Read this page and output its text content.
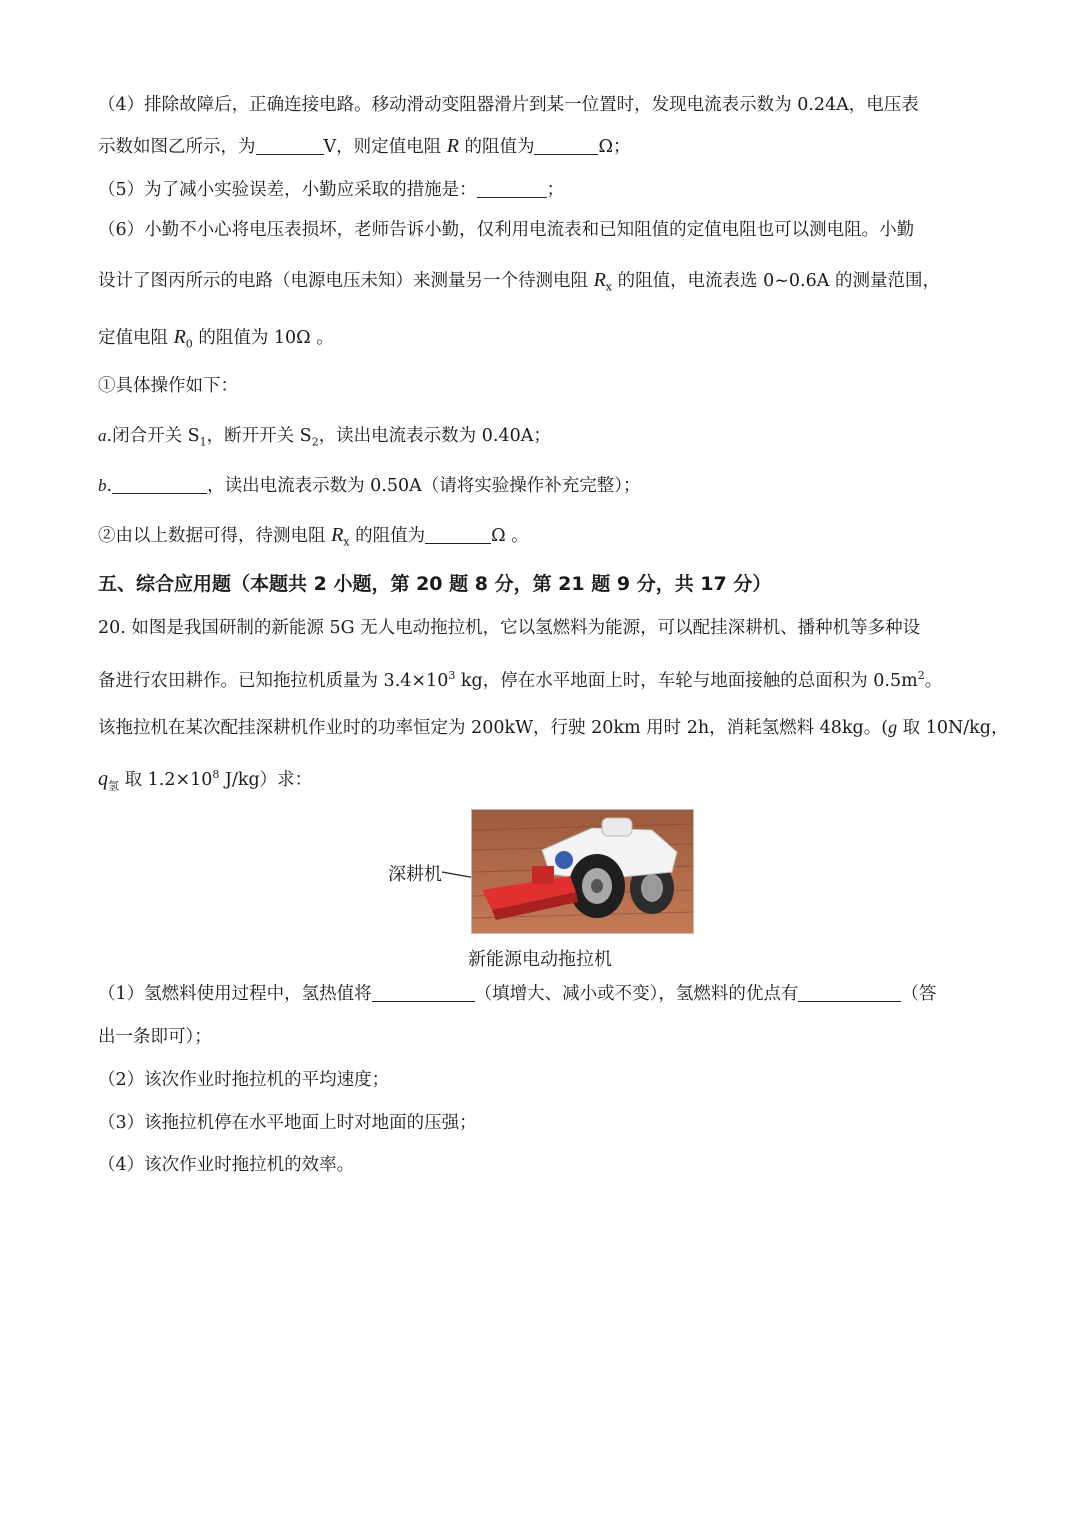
（4）排除故障后，正确连接电路。移动滑动变阻器滑片到某一位置时，发现电流表示数为 0.24A，电压表
示数如图乙所示，为	V，则定值电阻 R 的阻值为	Ω；
（5）为了减小实验误差，小勤应采取的措施是：	；
（6）小勤不小心将电压表损坏，老师告诉小勤，仅利用电流表和已知阻值的定值电阻也可以测电阻。小勤
设计了图丙所示的电路（电源电压未知）来测量另一个待测电阻 $R_x$ 的阻值，电流表选 0~0.6A 的测量范围，
定值电阻 $R_0$ 的阻值为 10Ω 。
①具体操作如下：
a.闭合开关 $S_1$，断开开关 $S_2$，读出电流表示数为 0.40A；
b.	，读出电流表示数为 0.50A（请将实验操作补充完整）；
②由以上数据可得，待测电阻 $R_x$ 的阻值为	Ω 。
五、综合应用题（本题共 2 小题，第 20 题 8 分，第 21 题 9 分，共 17 分）
20. 如图是我国研制的新能源 5G 无人电动拖拉机，它以氢燃料为能源，可以配挂深耕机、播种机等多种设
备进行农田耕作。已知拖拉机质量为 $3.4\times 10^3$ kg，停在水平地面上时，车轮与地面接触的总面积为 $0.5m^2$。
该拖拉机在某次配挂深耕机作业时的功率恒定为 200kW，行驶 20km 用时 2h，消耗氢燃料 48kg。(g 取 10N/kg，
$q_氢$ 取 $1.2\times 10^8$ J/kg）求：
深耕机
新能源电动拖拉机
（1）氢燃料使用过程中，氢热值将	（填增大、减小或不变），氢燃料的优点有	（答
出一条即可）；
（2）该次作业时拖拉机的平均速度；
（3）该拖拉机停在水平地面上时对地面的压强；
（4）该次作业时拖拉机的效率。
